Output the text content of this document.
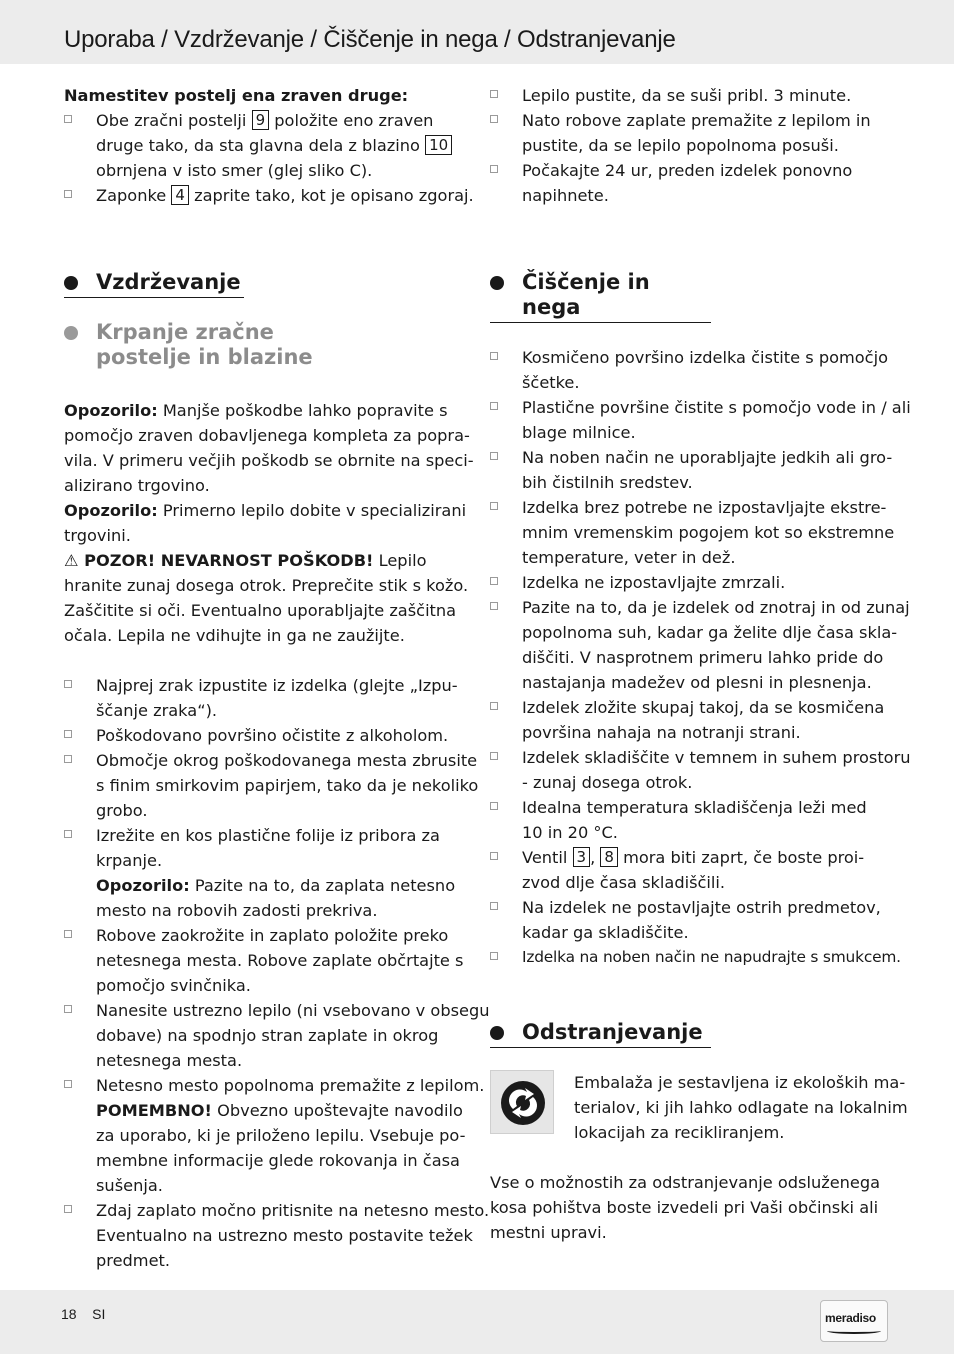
Uporaba / Vzdrževanje / Čiščenje in nega / Odstranjevanje
Namestitev postelj ena zraven druge:
Obe zračni postelji 9 položite eno zraven
druge tako, da sta glavna dela z blazino 10
obrnjena v isto smer (glej sliko C).
Zaponke 4 zaprite tako, kot je opisano zgoraj.
Vzdrževanje
Krpanje zračne
postelje in blazine
Opozorilo: Manjše poškodbe lahko popravite s
pomočjo zraven dobavljenega kompleta za popra-
vila. V primeru večjih poškodb se obrnite na speci-
alizirano trgovino.
Opozorilo: Primerno lepilo dobite v specializirani
trgovini.
⚠ POZOR! NEVARNOST POŠKODB! Lepilo
hranite zunaj dosega otrok. Preprečite stik s kožo.
Zaščitite si oči. Eventualno uporabljajte zaščitna
očala. Lepila ne vdihujte in ga ne zaužijte.
Najprej zrak izpustite iz izdelka (glejte „Izpu-
ščanje zraka“).
Poškodovano površino očistite z alkoholom.
Območje okrog poškodovanega mesta zbrusite
s finim smirkovim papirjem, tako da je nekoliko
grobo.
Izrežite en kos plastične folije iz pribora za
krpanje.
Opozorilo: Pazite na to, da zaplata netesno
mesto na robovih zadosti prekriva.
Robove zaokrožite in zaplato položite preko
netesnega mesta. Robove zaplate občrtajte s
pomočjo svinčnika.
Nanesite ustrezno lepilo (ni vsebovano v obsegu
dobave) na spodnjo stran zaplate in okrog
netesnega mesta.
Netesno mesto popolnoma premažite z lepilom.
POMEMBNO! Obvezno upoštevajte navodilo
za uporabo, ki je priloženo lepilu. Vsebuje po-
membne informacije glede rokovanja in časa
sušenja.
Zdaj zaplato močno pritisnite na netesno mesto.
Eventualno na ustrezno mesto postavite težek
predmet.
Lepilo pustite, da se suši pribl. 3 minute.
Nato robove zaplate premažite z lepilom in
pustite, da se lepilo popolnoma posuši.
Počakajte 24 ur, preden izdelek ponovno
napihnete.
Čiščenje in nega
Kosmičeno površino izdelka čistite s pomočjo
ščetke.
Plastične površine čistite s pomočjo vode in / ali
blage milnice.
Na noben način ne uporabljajte jedkih ali gro-
bih čistilnih sredstev.
Izdelka brez potrebe ne izpostavljajte ekstre-
mnim vremenskim pogojem kot so ekstremne
temperature, veter in dež.
Izdelka ne izpostavljajte zmrzali.
Pazite na to, da je izdelek od znotraj in od zunaj
popolnoma suh, kadar ga želite dlje časa skla-
diščiti. V nasprotnem primeru lahko pride do
nastajanja madežev od plesni in plesnenja.
Izdelek zložite skupaj takoj, da se kosmičena
površina nahaja na notranji strani.
Izdelek skladiščite v temnem in suhem prostoru
- zunaj dosega otrok.
Idealna temperatura skladiščenja leži med
10 in 20 °C.
Ventil 3 , 8 mora biti zaprt, če boste proi-
zvod dlje časa skladiščili.
Na izdelek ne postavljajte ostrih predmetov,
kadar ga skladiščite.
Izdelka na noben način ne napudrajte s smukcem.
Odstranjevanje
Embalaža je sestavljena iz ekoloških ma-
terialov, ki jih lahko odlagate na lokalnim
lokacijah za recikliranjem.
Vse o možnostih za odstranjevanje odsluženega
kosa pohištva boste izvedeli pri Vaši občinski ali
mestni upravi.
18 SI	meradiso
